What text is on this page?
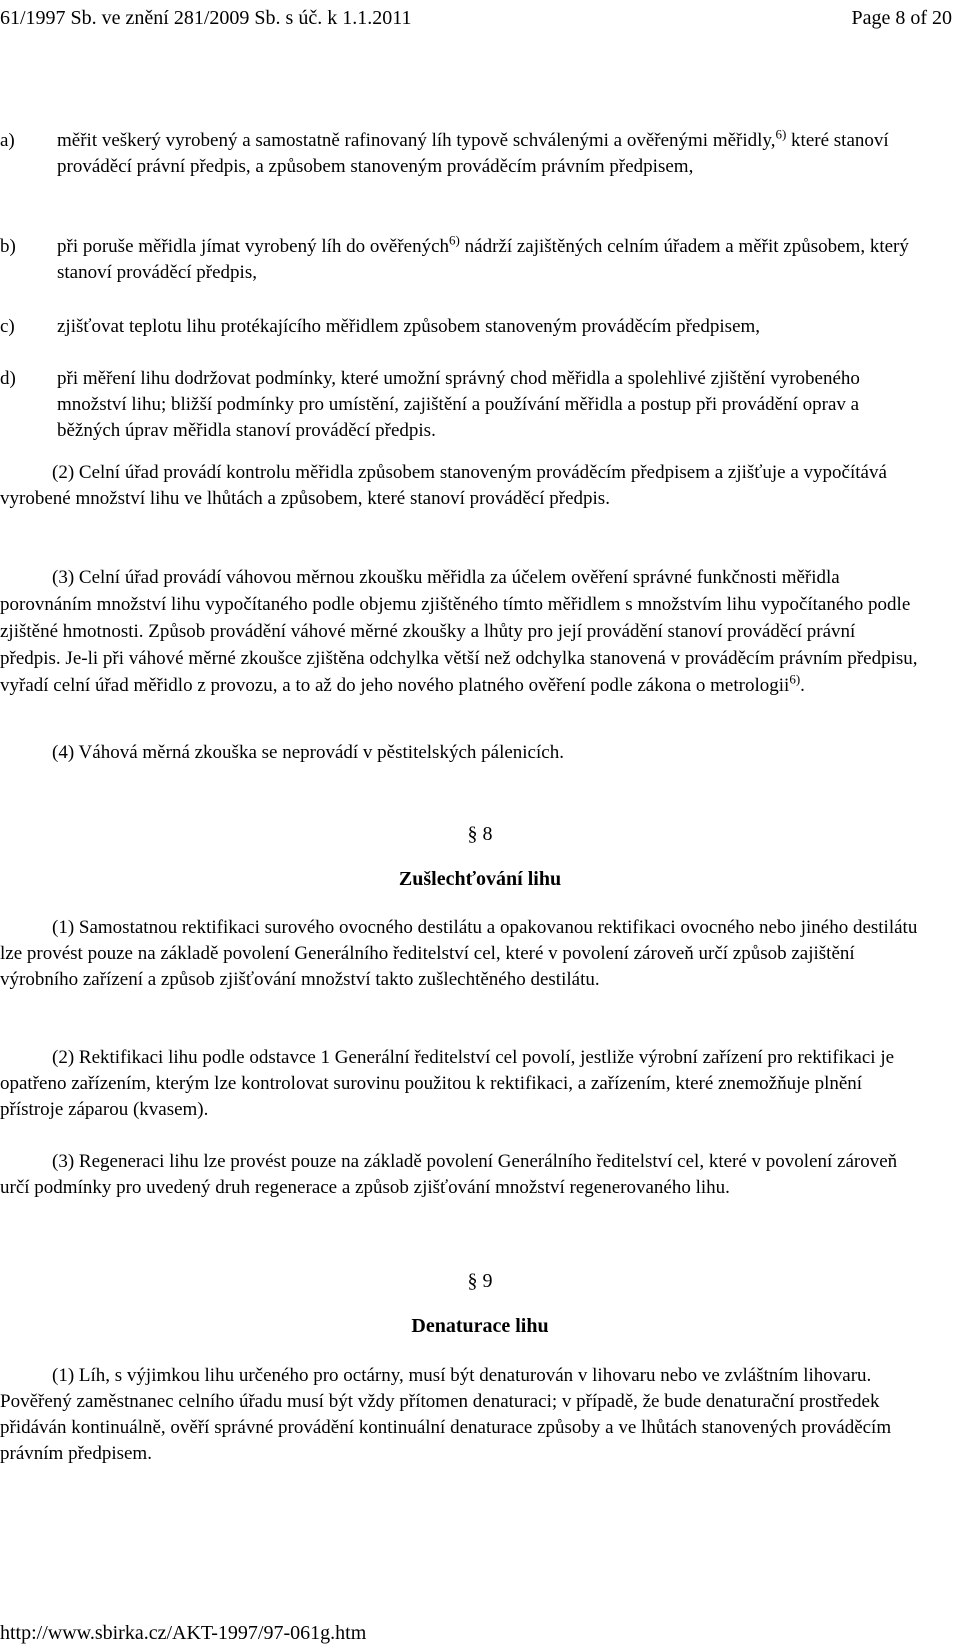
61/1997 Sb. ve znění 281/2009 Sb. s úč. k 1.1.2011	Page 8 of 20
a)	měřit veškerý vyrobený a samostatně rafinovaný líh typově schválenými a ověřenými měřidly,$^{6)}$ které stanoví prováděcí právní předpis, a způsobem stanoveným prováděcím právním předpisem,
b)	při poruše měřidla jímat vyrobený líh do ověřených$^{6)}$ nádrží zajištěných celním úřadem a měřit způsobem, který stanoví prováděcí předpis,
c)	zjišťovat teplotu lihu protékajícího měřidlem způsobem stanoveným prováděcím předpisem,
d)	při měření lihu dodržovat podmínky, které umožní správný chod měřidla a spolehlivé zjištění vyrobeného množství lihu; bližší podmínky pro umístění, zajištění a používání měřidla a postup při provádění oprav a běžných úprav měřidla stanoví prováděcí předpis.
(2) Celní úřad provádí kontrolu měřidla způsobem stanoveným prováděcím předpisem a zjišťuje a vypočítává vyrobené množství lihu ve lhůtách a způsobem, které stanoví prováděcí předpis.
(3) Celní úřad provádí váhovou měrnou zkoušku měřidla za účelem ověření správné funkčnosti měřidla porovnáním množství lihu vypočítaného podle objemu zjištěného tímto měřidlem s množstvím lihu vypočítaného podle zjištěné hmotnosti. Způsob provádění váhové měrné zkoušky a lhůty pro její provádění stanoví prováděcí právní předpis. Je-li při váhové měrné zkoušce zjištěna odchylka větší než odchylka stanovená v prováděcím právním předpisu, vyřadí celní úřad měřidlo z provozu, a to až do jeho nového platného ověření podle zákona o metrologii$^{6)}$.
(4) Váhová měrná zkouška se neprovádí v pěstitelských pálenicích.
§ 8
Zušlechťování lihu
(1) Samostatnou rektifikaci surového ovocného destilátu a opakovanou rektifikaci ovocného nebo jiného destilátu lze provést pouze na základě povolení Generálního ředitelství cel, které v povolení zároveň určí způsob zajištění výrobního zařízení a způsob zjišťování množství takto zušlechtěného destilátu.
(2) Rektifikaci lihu podle odstavce 1 Generální ředitelství cel povolí, jestliže výrobní zařízení pro rektifikaci je opatřeno zařízením, kterým lze kontrolovat surovinu použitou k rektifikaci, a zařízením, které znemožňuje plnění přístroje záparou (kvasem).
(3) Regeneraci lihu lze provést pouze na základě povolení Generálního ředitelství cel, které v povolení zároveň určí podmínky pro uvedený druh regenerace a způsob zjišťování množství regenerovaného lihu.
§ 9
Denaturace lihu
(1) Líh, s výjimkou lihu určeného pro octárny, musí být denaturován v lihovaru nebo ve zvláštním lihovaru. Pověřený zaměstnanec celního úřadu musí být vždy přítomen denaturaci; v případě, že bude denaturační prostředek přidáván kontinuálně, ověří správné provádění kontinuální denaturace způsoby a ve lhůtách stanovených prováděcím právním předpisem.
http://www.sbirka.cz/AKT-1997/97-061g.htm
